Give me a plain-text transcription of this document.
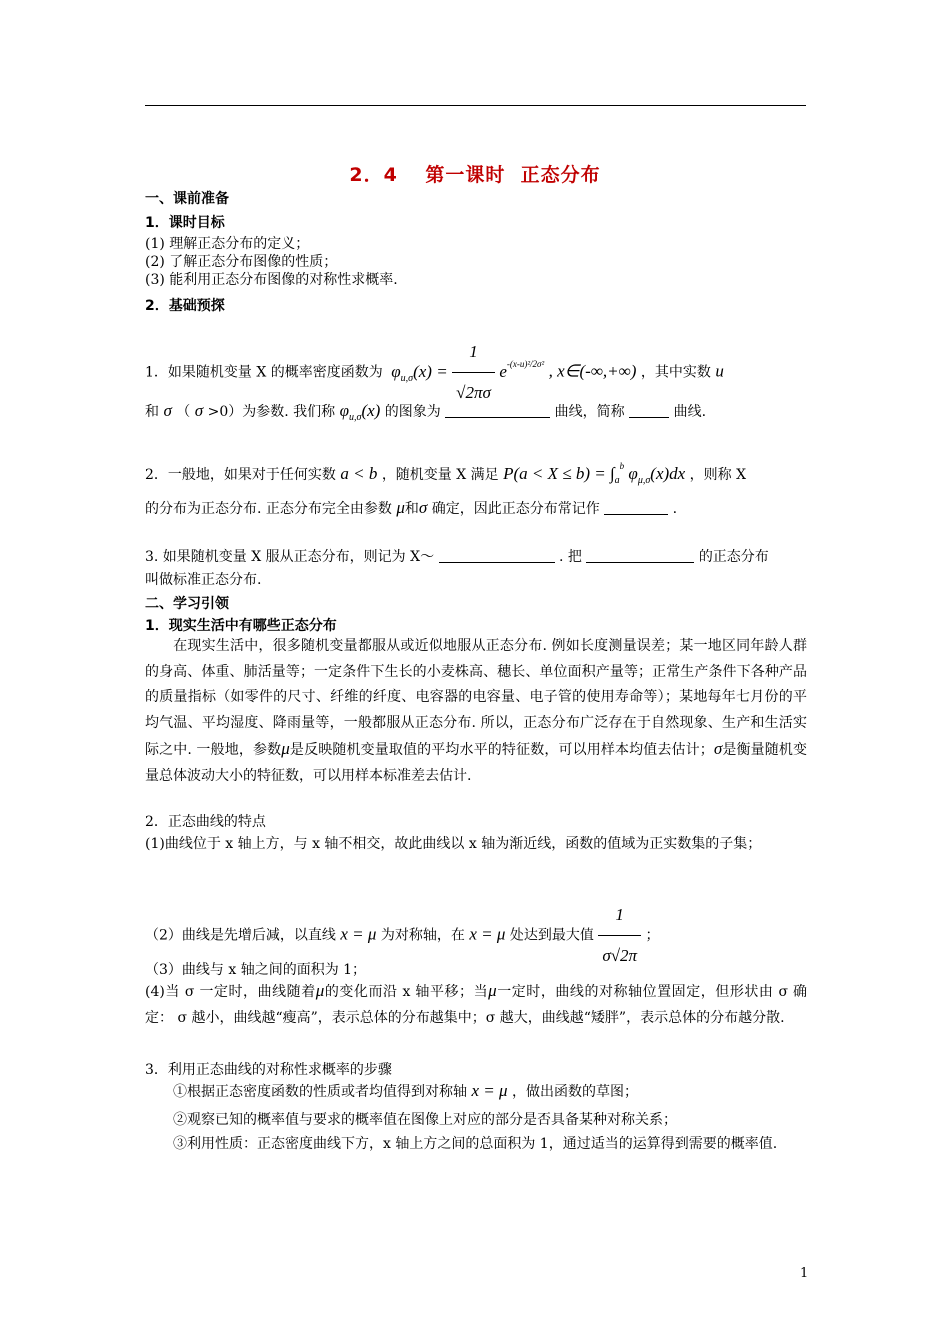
2．4　 第一课时  正态分布
一、课前准备
1．课时目标
(1) 理解正态分布的定义；
(2) 了解正态分布图像的性质；
(3) 能利用正态分布图像的对称性求概率.
2．基础预探
1．如果随机变量 X 的概率密度函数为 $\varphi_{u,\sigma}(x) = \frac{1}{√2\pi\sigma} e^{-(x-u)^2/2\sigma^2}$ , x∈(-∞,+∞) ，其中实数 u
和 σ （ σ >0）为参数. 我们称 $\varphi_{u,\sigma}(x)$ 的图象为	曲线，简称	曲线.
2．一般地，如果对于任何实数 a < b ，随机变量 X 满足 $P(a < X \le b) = \int_a^b$ $\varphi_{\mu,\sigma}(x)dx$ ，则称 X
的分布为正态分布. 正态分布完全由参数 μ和σ 确定，因此正态分布常记作	.
3. 如果随机变量 X 服从正态分布，则记为 X～	. 把	的正态分布
叫做标准正态分布.
二、学习引领
1．现实生活中有哪些正态分布
在现实生活中，很多随机变量都服从或近似地服从正态分布. 例如长度测量误差；某一地区同年龄人群的身高、体重、肺活量等；一定条件下生长的小麦株高、穗长、单位面积产量等；正常生产条件下各种产品的质量指标（如零件的尺寸、纤维的纤度、电容器的电容量、电子管的使用寿命等）；某地每年七月份的平均气温、平均湿度、降雨量等，一般都服从正态分布. 所以，正态分布广泛存在于自然现象、生产和生活实际之中. 一般地，参数μ是反映随机变量取值的平均水平的特征数，可以用样本均值去估计；σ是衡量随机变量总体波动大小的特征数，可以用样本标准差去估计.
2．正态曲线的特点
(1)曲线位于 x 轴上方，与 x 轴不相交，故此曲线以 x 轴为渐近线，函数的值域为正实数集的子集；
（2）曲线是先增后减，以直线 x = μ 为对称轴，在 x = μ 处达到最大值 $\frac{1}{\sigma√2\pi}$ ；
（3）曲线与 x 轴之间的面积为 1；
(4)当 σ 一定时，曲线随着μ的变化而沿 x 轴平移；当μ一定时，曲线的对称轴位置固定，但形状由 σ 确定： σ 越小，曲线越“瘦高”，表示总体的分布越集中；σ 越大，曲线越“矮胖”，表示总体的分布越分散.
3．利用正态曲线的对称性求概率的步骤
①根据正态密度函数的性质或者均值得到对称轴 x = μ ，做出函数的草图；
②观察已知的概率值与要求的概率值在图像上对应的部分是否具备某种对称关系；
③利用性质：正态密度曲线下方，x 轴上方之间的总面积为 1，通过适当的运算得到需要的概率值.
1
